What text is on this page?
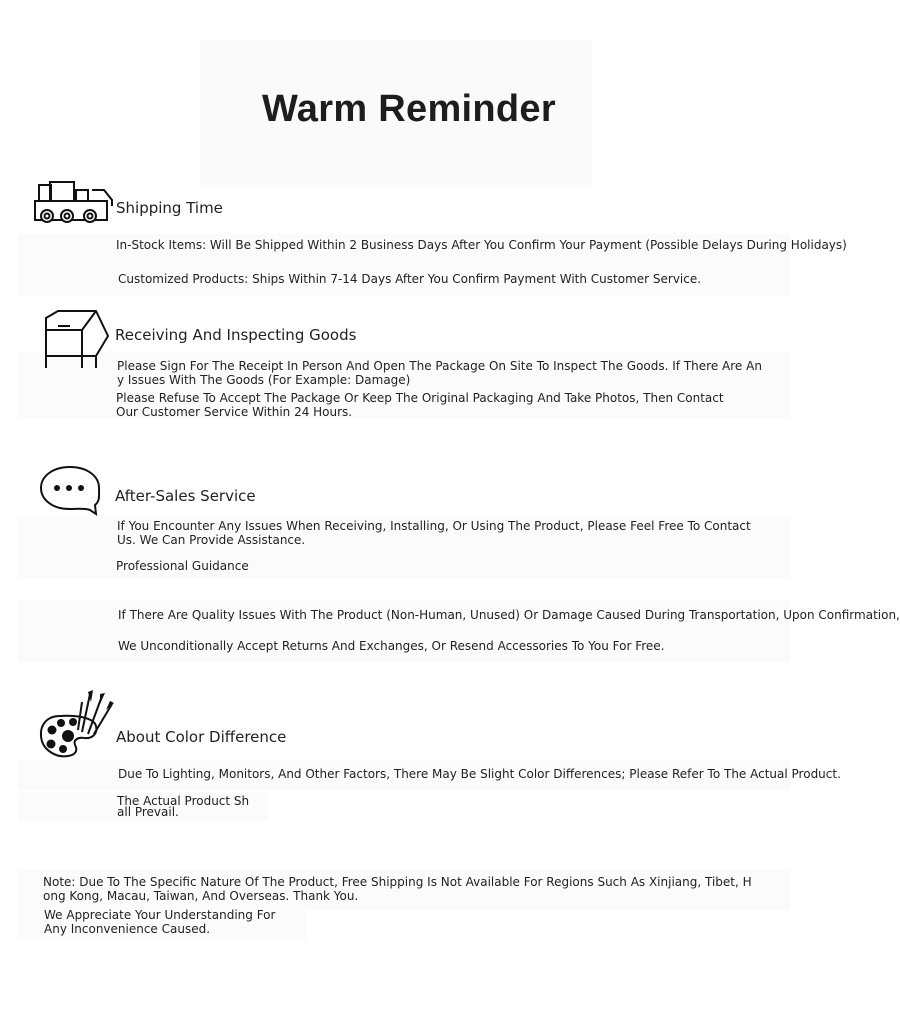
Warm Reminder
Shipping Time

In-Stock Items: Will Be Shipped Within 2 Business Days After You Confirm Your Payment (Possible Delays During Holidays)

Customized Products: Ships Within 7-14 Days After You Confirm Payment With Customer Service.

Receiving And Inspecting Goods

Please Sign For The Receipt In Person And Open The Package On Site To Inspect The Goods. If There Are Any Issues With The Goods (For Example: Damage)

Please Refuse To Accept The Package Or Keep The Original Packaging And Take Photos, Then Contact Our Customer Service Within 24 Hours.

After-Sales Service

If You Encounter Any Issues When Receiving, Installing, Or Using The Product, Please Feel Free To Contact Us. We Can Provide Assistance.

Professional Guidance

If There Are Quality Issues With The Product (Non-Human, Unused) Or Damage Caused During Transportation, Upon Confirmation,

We Unconditionally Accept Returns And Exchanges, Or Resend Accessories To You For Free.

About Color Difference

Due To Lighting, Monitors, And Other Factors, There May Be Slight Color Differences; Please Refer To The Actual Product.

The Actual Product Sh

all Prevail.

Note: Due To The Specific Nature Of The Product, Free Shipping Is Not Available For Regions Such As Xinjiang, Tibet, Hong Kong, Macau, Taiwan, And Overseas. Thank You.

We Appreciate Your Understanding For

Any Inconvenience Caused.
